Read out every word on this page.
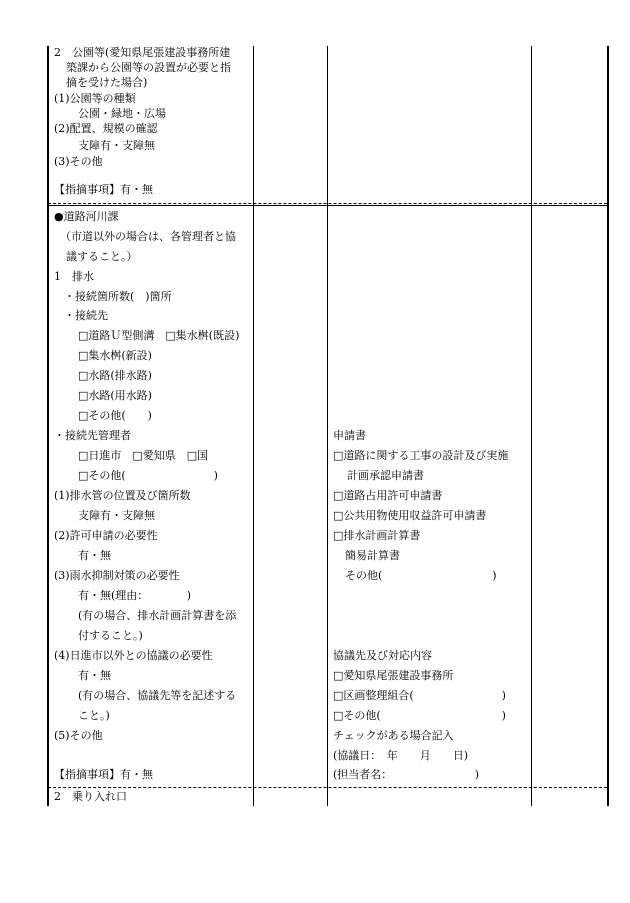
2　公園等(愛知県尾張建設事務所建
築課から公園等の設置が必要と指
摘を受けた場合)
(1)公園等の種類
公園・緑地・広場
(2)配置、規模の確認
支障有・支障無
(3)その他
【指摘事項】有・無
●道路河川課
（市道以外の場合は、各管理者と協
議すること。）
1　排水
・接続箇所数(　)箇所
・接続先
□道路Ｕ型側溝　□集水桝(既設)
□集水桝(新設)
□水路(排水路)
□水路(用水路)
□その他(　　)
・接続先管理者
□日進市　□愛知県　□国
□その他(　　　　　　　　)
(1)排水管の位置及び箇所数
支障有・支障無
(2)許可申請の必要性
有・無
(3)雨水抑制対策の必要性
有・無(理由：　　　　)
(有の場合、排水計画計算書を添
付すること。)
(4)日進市以外との協議の必要性
有・無
(有の場合、協議先等を記述する
こと。)
(5)その他
【指摘事項】有・無
申請書
□道路に関する工事の設計及び実施
計画承認申請書
□道路占用許可申請書
□公共用物使用収益許可申請書
□排水計画計算書
簡易計算書
その他(　　　　　　　　　　)
協議先及び対応内容
□愛知県尾張建設事務所
□区画整理組合(　　　　　　　　)
□その他(　　　　　　　　　　　)
チェックがある場合記入
(協議日：　年　　月　　日)
(担当者名：　　　　　　　　)
2　乗り入れ口
